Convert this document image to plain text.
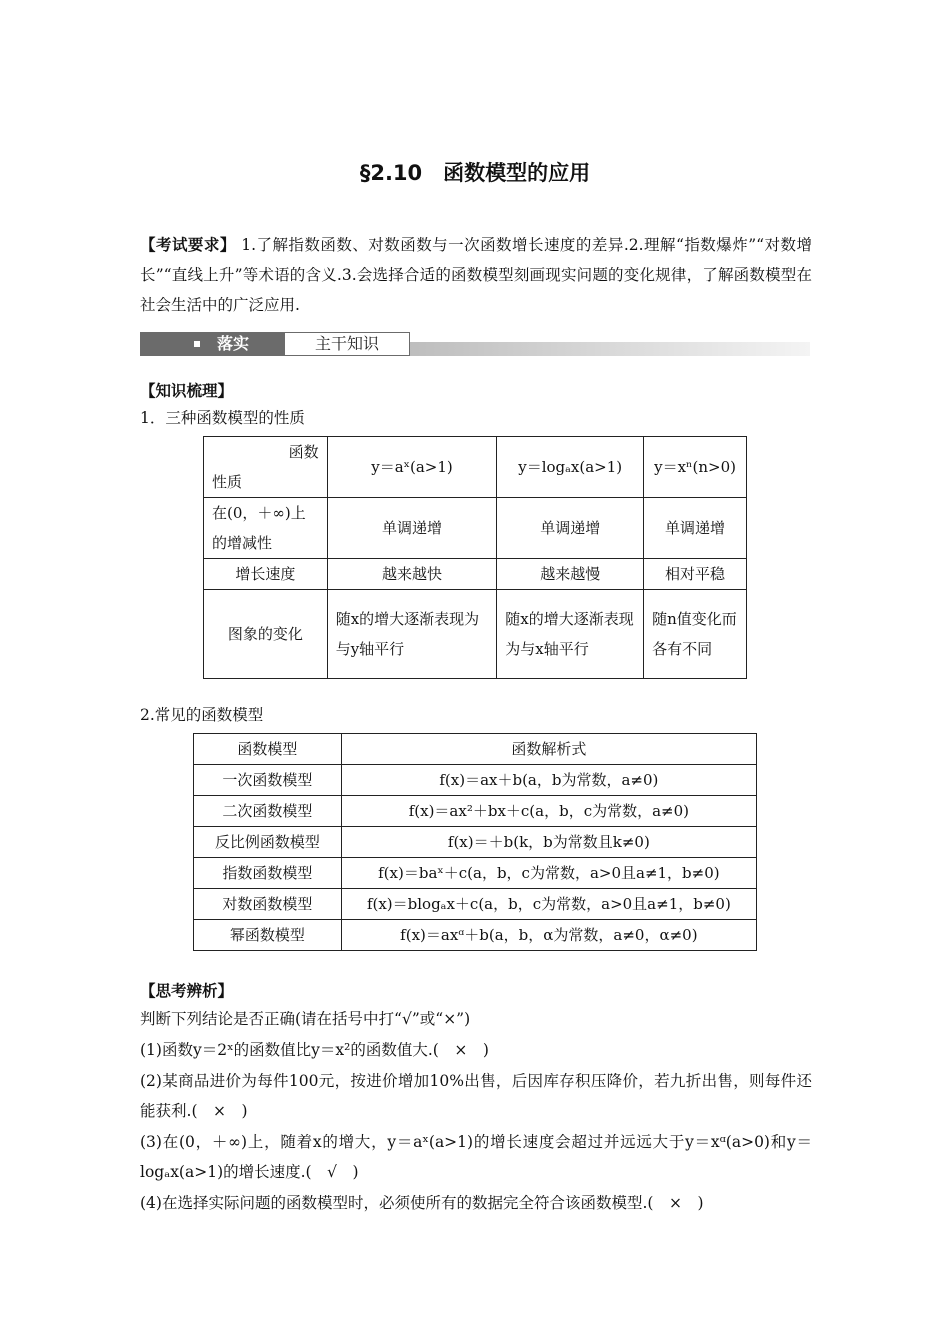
§2.10　函数模型的应用
【考试要求】 1.了解指数函数、对数函数与一次函数增长速度的差异.2.理解“指数爆炸”“对数增长”“直线上升”等术语的含义.3.会选择合适的函数模型刻画现实问题的变化规律，了解函数模型在社会生活中的广泛应用.
落实	主干知识
【知识梳理】
1．三种函数模型的性质
函数
性质	y＝aˣ(a>1)	y＝logₐx(a>1)	y＝xⁿ(n>0)
在(0，＋∞)上的增减性	单调递增	单调递增	单调递增
增长速度	越来越快	越来越慢	相对平稳
图象的变化	随x的增大逐渐表现为与y轴平行	随x的增大逐渐表现为与x轴平行	随n值变化而各有不同
2.常见的函数模型
函数模型	函数解析式
一次函数模型	f(x)＝ax＋b(a，b为常数，a≠0)
二次函数模型	f(x)＝ax²＋bx＋c(a，b，c为常数，a≠0)
反比例函数模型	f(x)＝＋b(k，b为常数且k≠0)
指数函数模型	f(x)＝baˣ＋c(a，b，c为常数，a>0且a≠1，b≠0)
对数函数模型	f(x)＝blogₐx＋c(a，b，c为常数，a>0且a≠1，b≠0)
幂函数模型	f(x)＝axᵅ＋b(a，b，α为常数，a≠0，α≠0)
【思考辨析】
判断下列结论是否正确(请在括号中打“√”或“×”)
(1)函数y＝2ˣ的函数值比y＝x²的函数值大.(　×　)
(2)某商品进价为每件100元，按进价增加10%出售，后因库存积压降价，若九折出售，则每件还能获利.(　×　)
(3)在(0，＋∞)上，随着x的增大，y＝aˣ(a>1)的增长速度会超过并远远大于y＝xᵅ(a>0)和y＝logₐx(a>1)的增长速度.(　√　)
(4)在选择实际问题的函数模型时，必须使所有的数据完全符合该函数模型.(　×　)
